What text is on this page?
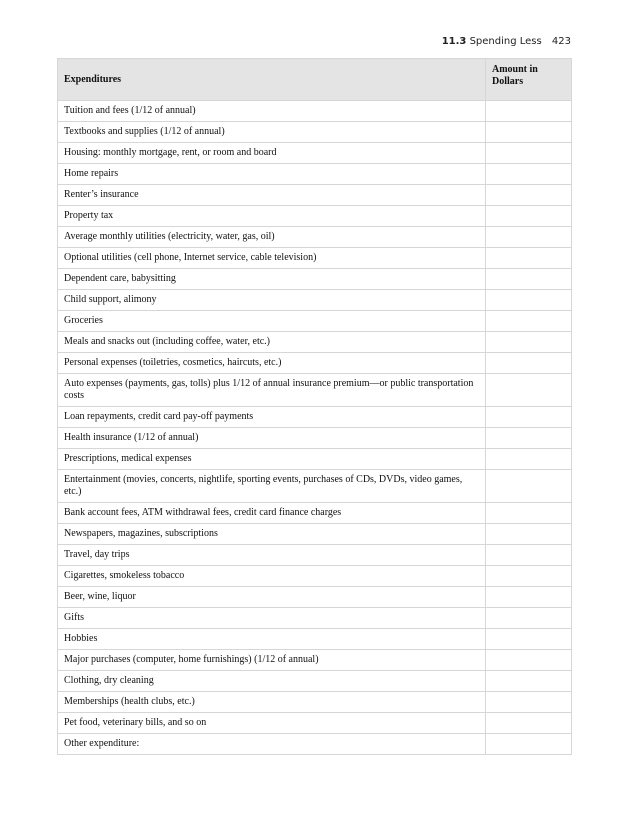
11.3 Spending Less 423
Expenditures	Amount in Dollars
Tuition and fees (1/12 of annual)	
Textbooks and supplies (1/12 of annual)	
Housing: monthly mortgage, rent, or room and board	
Home repairs	
Renter’s insurance	
Property tax	
Average monthly utilities (electricity, water, gas, oil)	
Optional utilities (cell phone, Internet service, cable television)	
Dependent care, babysitting	
Child support, alimony	
Groceries	
Meals and snacks out (including coffee, water, etc.)	
Personal expenses (toiletries, cosmetics, haircuts, etc.)	
Auto expenses (payments, gas, tolls) plus 1/12 of annual insurance premium—or public transportation costs	
Loan repayments, credit card pay-off payments	
Health insurance (1/12 of annual)	
Prescriptions, medical expenses	
Entertainment (movies, concerts, nightlife, sporting events, purchases of CDs, DVDs, video games, etc.)	
Bank account fees, ATM withdrawal fees, credit card finance charges	
Newspapers, magazines, subscriptions	
Travel, day trips	
Cigarettes, smokeless tobacco	
Beer, wine, liquor	
Gifts	
Hobbies	
Major purchases (computer, home furnishings) (1/12 of annual)	
Clothing, dry cleaning	
Memberships (health clubs, etc.)	
Pet food, veterinary bills, and so on	
Other expenditure:	
